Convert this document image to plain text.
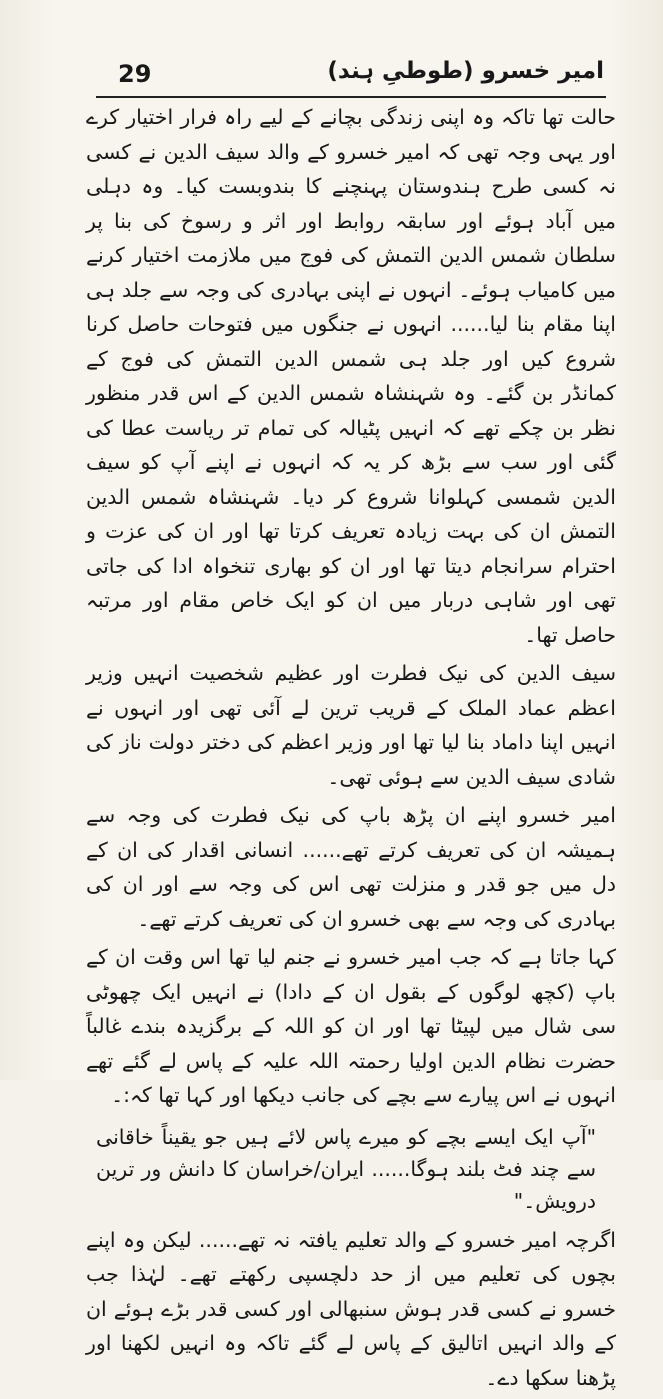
29	امیر خسرو (طوطیِ ہند)

حالت تھا تاکہ وہ اپنی زندگی بچانے کے لیے راہ فرار اختیار کرے اور یہی وجہ تھی کہ امیر خسرو کے والد سیف الدین نے کسی نہ کسی طرح ہندوستان پہنچنے کا بندوبست کیا۔ وہ دہلی میں آباد ہوئے اور سابقہ روابط اور اثر و رسوخ کی بنا پر سلطان شمس الدین التمش کی فوج میں ملازمت اختیار کرنے میں کامیاب ہوئے۔ انہوں نے اپنی بہادری کی وجہ سے جلد ہی اپنا مقام بنا لیا...... انہوں نے جنگوں میں فتوحات حاصل کرنا شروع کیں اور جلد ہی شمس الدین التمش کی فوج کے کمانڈر بن گئے۔ وہ شہنشاہ شمس الدین کے اس قدر منظور نظر بن چکے تھے کہ انہیں پٹیالہ کی تمام تر ریاست عطا کی گئی اور سب سے بڑھ کر یہ کہ انہوں نے اپنے آپ کو سیف الدین شمسی کہلوانا شروع کر دیا۔ شہنشاہ شمس الدین التمش ان کی بہت زیادہ تعریف کرتا تھا اور ان کی عزت و احترام سرانجام دیتا تھا اور ان کو بھاری تنخواہ ادا کی جاتی تھی اور شاہی دربار میں ان کو ایک خاص مقام اور مرتبہ حاصل تھا۔

سیف الدین کی نیک فطرت اور عظیم شخصیت انہیں وزیر اعظم عماد الملک کے قریب ترین لے آئی تھی اور انہوں نے انہیں اپنا داماد بنا لیا تھا اور وزیر اعظم کی دختر دولت ناز کی شادی سیف الدین سے ہوئی تھی۔

امیر خسرو اپنے ان پڑھ باپ کی نیک فطرت کی وجہ سے ہمیشہ ان کی تعریف کرتے تھے...... انسانی اقدار کی ان کے دل میں جو قدر و منزلت تھی اس کی وجہ سے اور ان کی بہادری کی وجہ سے بھی خسرو ان کی تعریف کرتے تھے۔

کہا جاتا ہے کہ جب امیر خسرو نے جنم لیا تھا اس وقت ان کے باپ (کچھ لوگوں کے بقول ان کے دادا) نے انہیں ایک چھوٹی سی شال میں لپیٹا تھا اور ان کو اللہ کے برگزیدہ بندے غالباً حضرت نظام الدین اولیا رحمتہ اللہ علیہ کے پاس لے گئے تھے انہوں نے اس پیارے سے بچے کی جانب دیکھا اور کہا تھا کہ:۔

"آپ ایک ایسے بچے کو میرے پاس لائے ہیں جو یقیناً خاقانی سے چند فٹ بلند ہوگا...... ایران/خراسان کا دانش ور ترین درویش۔"

اگرچہ امیر خسرو کے والد تعلیم یافتہ نہ تھے...... لیکن وہ اپنے بچوں کی تعلیم میں از حد دلچسپی رکھتے تھے۔ لہٰذا جب خسرو نے کسی قدر ہوش سنبھالی اور کسی قدر بڑے ہوئے ان کے والد انہیں اتالیق کے پاس لے گئے تاکہ وہ انہیں لکھنا اور پڑھنا سکھا دے۔
